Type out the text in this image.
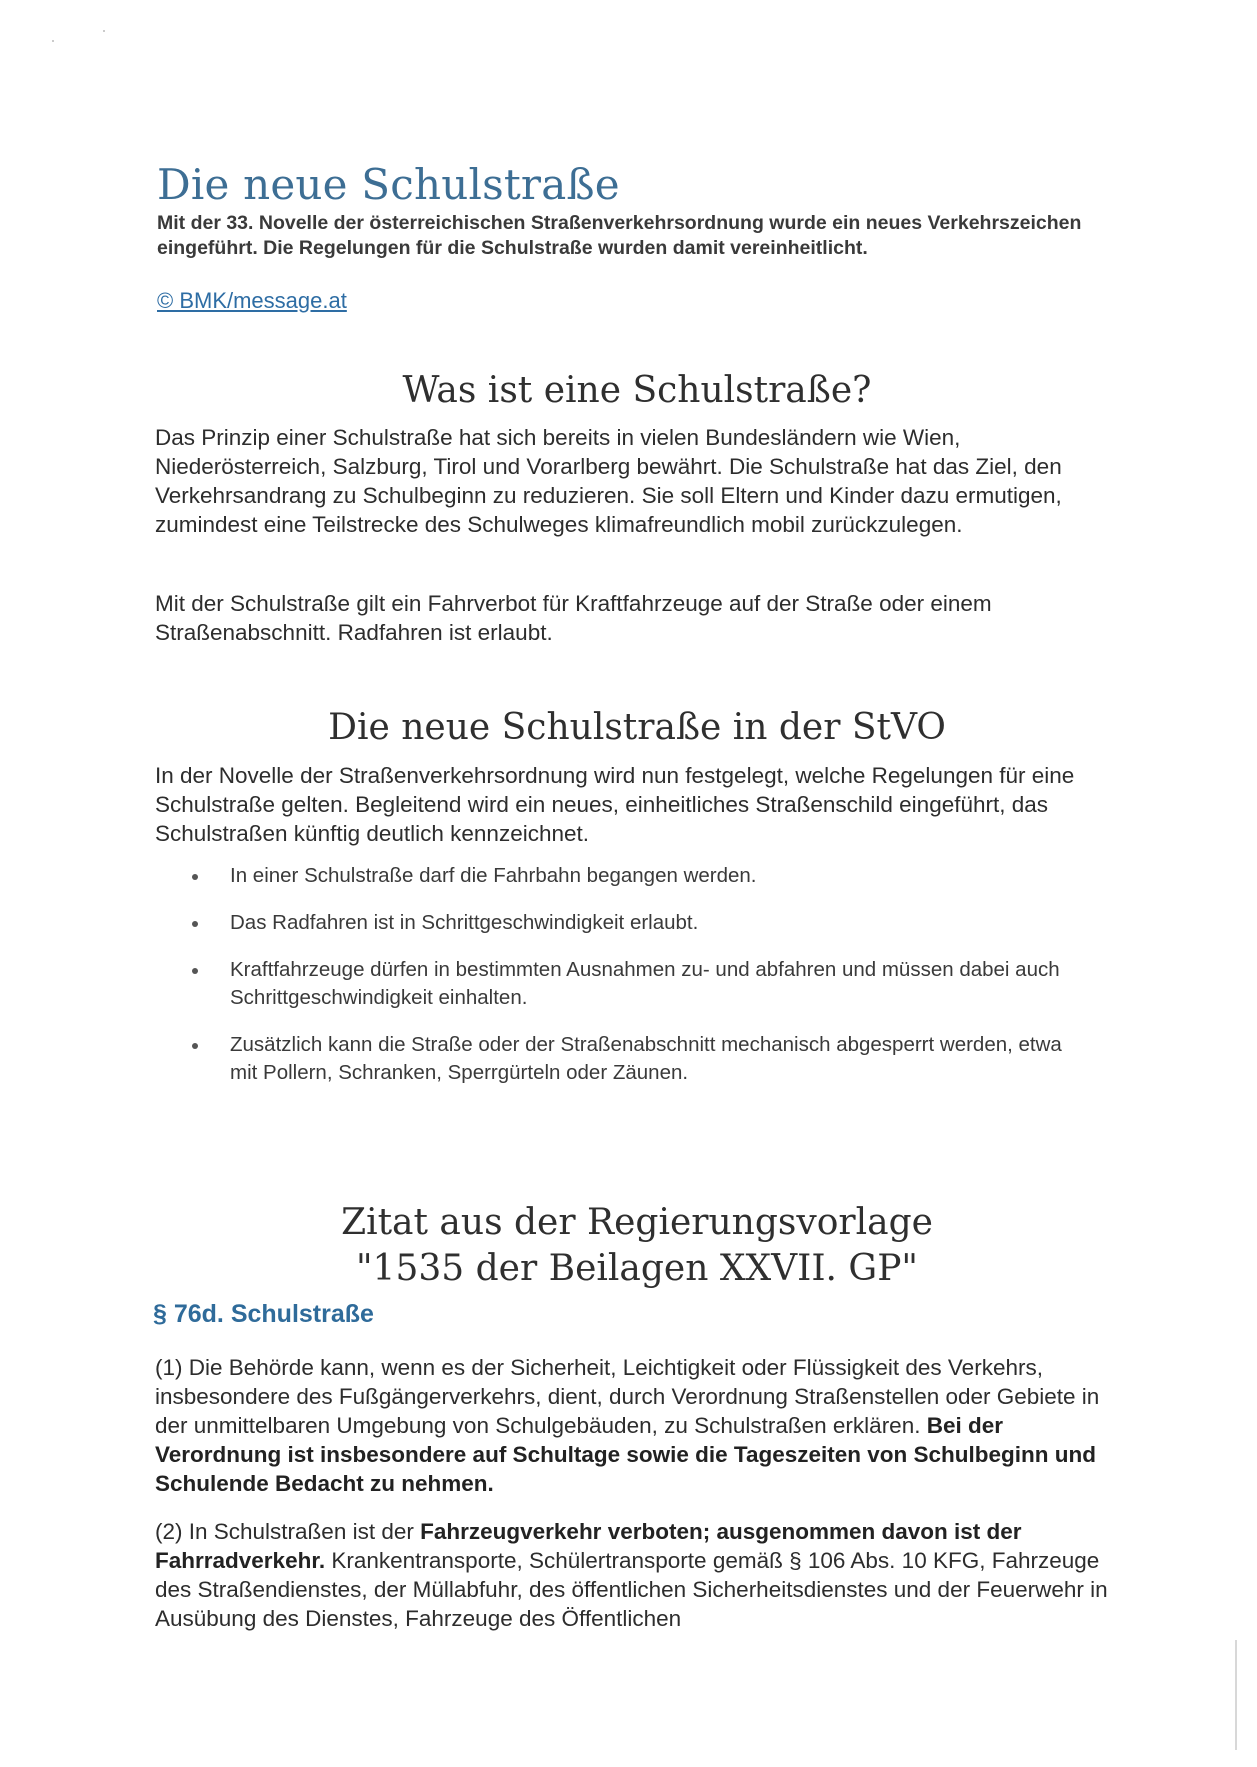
Die neue Schulstraße

Mit der 33. Novelle der österreichischen Straßenverkehrsordnung wurde ein neues Verkehrszeichen eingeführt. Die Regelungen für die Schulstraße wurden damit vereinheitlicht.

© BMK/message.at
Was ist eine Schulstraße?

Das Prinzip einer Schulstraße hat sich bereits in vielen Bundesländern wie Wien, Niederösterreich, Salzburg, Tirol und Vorarlberg bewährt. Die Schulstraße hat das Ziel, den Verkehrsandrang zu Schulbeginn zu reduzieren. Sie soll Eltern und Kinder dazu ermutigen, zumindest eine Teilstrecke des Schulweges klimafreundlich mobil zurückzulegen.

Mit der Schulstraße gilt ein Fahrverbot für Kraftfahrzeuge auf der Straße oder einem Straßenabschnitt. Radfahren ist erlaubt.

Die neue Schulstraße in der StVO

In der Novelle der Straßenverkehrsordnung wird nun festgelegt, welche Regelungen für eine Schulstraße gelten. Begleitend wird ein neues, einheitliches Straßenschild eingeführt, das Schulstraßen künftig deutlich kennzeichnet.

In einer Schulstraße darf die Fahrbahn begangen werden.
Das Radfahren ist in Schrittgeschwindigkeit erlaubt.
Kraftfahrzeuge dürfen in bestimmten Ausnahmen zu- und abfahren und müssen dabei auch Schrittgeschwindigkeit einhalten.
Zusätzlich kann die Straße oder der Straßenabschnitt mechanisch abgesperrt werden, etwa mit Pollern, Schranken, Sperrgürteln oder Zäunen.
Zitat aus der Regierungsvorlage
"1535 der Beilagen XXVII. GP"
§ 76d. Schulstraße

(1) Die Behörde kann, wenn es der Sicherheit, Leichtigkeit oder Flüssigkeit des Verkehrs, insbesondere des Fußgängerverkehrs, dient, durch Verordnung Straßenstellen oder Gebiete in der unmittelbaren Umgebung von Schulgebäuden, zu Schulstraßen erklären. Bei der Verordnung ist insbesondere auf Schultage sowie die Tageszeiten von Schulbeginn und Schulende Bedacht zu nehmen.

(2) In Schulstraßen ist der Fahrzeugverkehr verboten; ausgenommen davon ist der Fahrradverkehr. Krankentransporte, Schülertransporte gemäß § 106 Abs. 10 KFG, Fahrzeuge des Straßendienstes, der Müllabfuhr, des öffentlichen Sicherheitsdienstes und der Feuerwehr in Ausübung des Dienstes, Fahrzeuge des Öffentlichen
